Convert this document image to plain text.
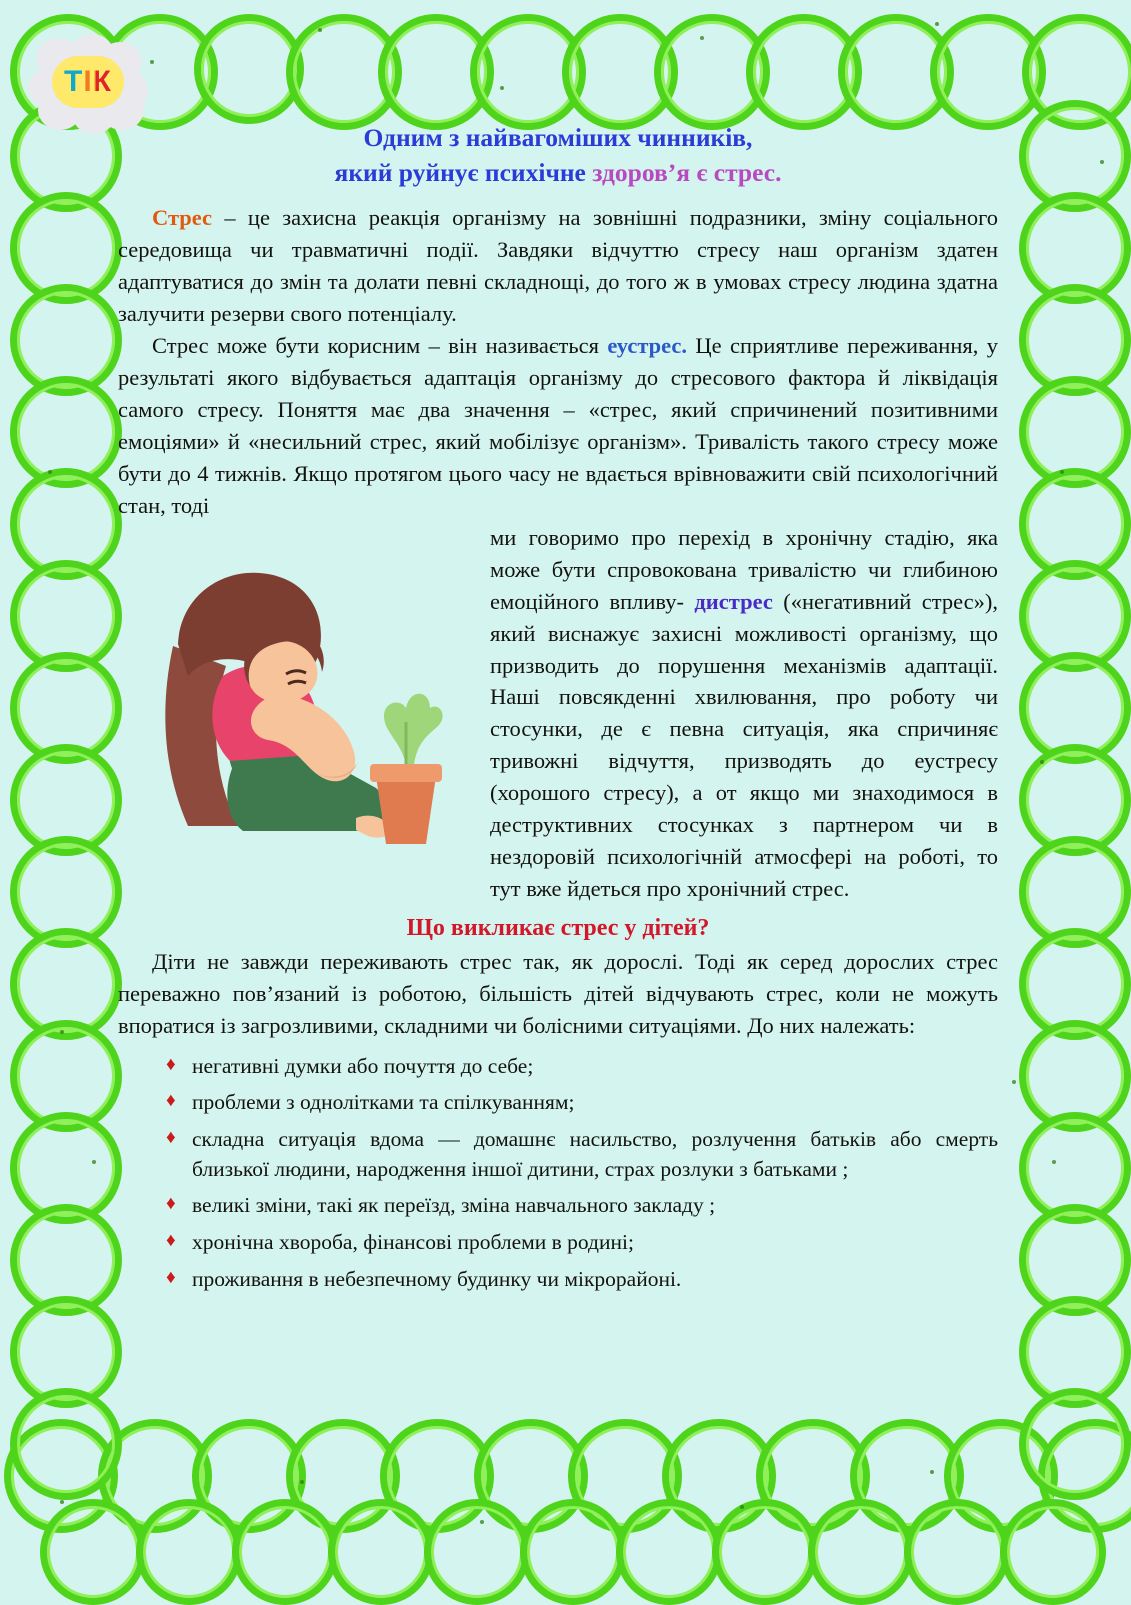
ТІК
Одним з найвагоміших чинників,
який руйнує психічне здоров’я є стрес.

Стрес – це захисна реакція організму на зовнішні подразники, зміну соціального середовища чи травматичні події. Завдяки відчуттю стресу наш організм здатен адаптуватися до змін та долати певні складнощі, до того ж в умовах стресу людина здатна залучити резерви свого потенціалу.

Стрес може бути корисним – він називається еустрес. Це сприятливе переживання, у результаті якого відбувається адаптація організму до стресового фактора й ліквідація самого стресу. Поняття має два значення – «стрес, який спричинений позитивними емоціями» й «несильний стрес, який мобілізує організм». Тривалість такого стресу може бути до 4 тижнів. Якщо протягом цього часу не вдається врівноважити свій психологічний стан, тоді

ми говоримо про перехід в хронічну стадію, яка може бути спровокована тривалістю чи глибиною емоційного впливу- дистрес («негативний стрес»), який виснажує захисні можливості організму, що призводить до порушення механізмів адаптації. Наші повсякденні хвилювання, про роботу чи стосунки, де є певна ситуація, яка спричиняє тривожні відчуття, призводять до еустресу (хорошого стресу), а от якщо ми знаходимося в деструктивних стосунках з партнером чи в нездоровій психологічній атмосфері на роботі, то тут вже йдеться про хронічний стрес.

Що викликає стрес у дітей?

Діти не завжди переживають стрес так, як дорослі. Тоді як серед дорослих стрес переважно пов’язаний із роботою, більшість дітей відчувають стрес, коли не можуть впоратися із загрозливими, складними чи болісними ситуаціями. До них належать:

♦ негативні думки або почуття до себе;
♦ проблеми з однолітками та спілкуванням;
♦ складна ситуація вдома — домашнє насильство, розлучення батьків або смерть близької людини, народження іншої дитини, страх розлуки з батьками ;
♦ великі зміни, такі як переїзд, зміна навчального закладу ;
♦ хронічна хвороба, фінансові проблеми в родині;
♦ проживання в небезпечному будинку чи мікрорайоні.
